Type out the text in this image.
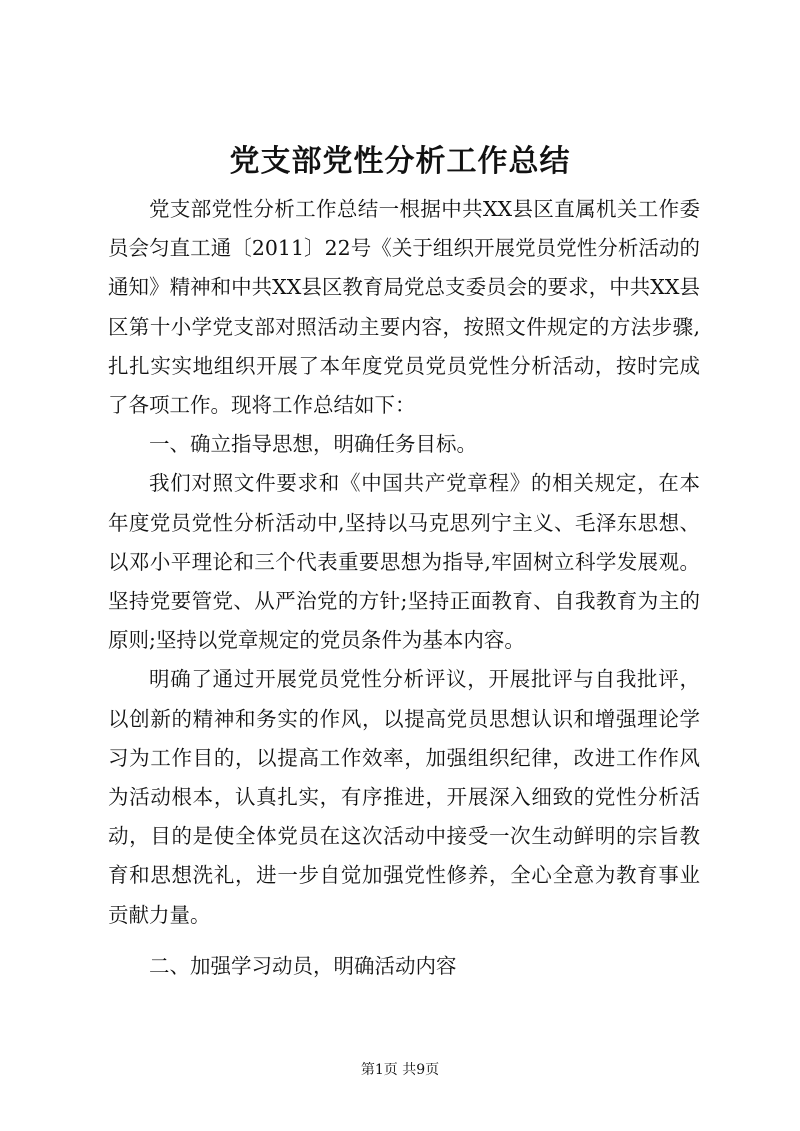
党支部党性分析工作总结

党支部党性分析工作总结一根据中共XX县区直属机关工作委员会匀直工通〔2011〕22号《关于组织开展党员党性分析活动的通知》精神和中共XX县区教育局党总支委员会的要求，中共XX县区第十小学党支部对照活动主要内容，按照文件规定的方法步骤,扎扎实实地组织开展了本年度党员党员党性分析活动，按时完成了各项工作。现将工作总结如下：

一、确立指导思想，明确任务目标。

我们对照文件要求和《中国共产党章程》的相关规定，在本年度党员党性分析活动中,坚持以马克思列宁主义、毛泽东思想、以邓小平理论和三个代表重要思想为指导,牢固树立科学发展观。坚持党要管党、从严治党的方针;坚持正面教育、自我教育为主的原则;坚持以党章规定的党员条件为基本内容。

明确了通过开展党员党性分析评议，开展批评与自我批评，以创新的精神和务实的作风，以提高党员思想认识和增强理论学习为工作目的，以提高工作效率，加强组织纪律，改进工作作风为活动根本，认真扎实，有序推进，开展深入细致的党性分析活动，目的是使全体党员在这次活动中接受一次生动鲜明的宗旨教育和思想洗礼，进一步自觉加强党性修养，全心全意为教育事业贡献力量。

二、加强学习动员，明确活动内容

第1页 共9页
